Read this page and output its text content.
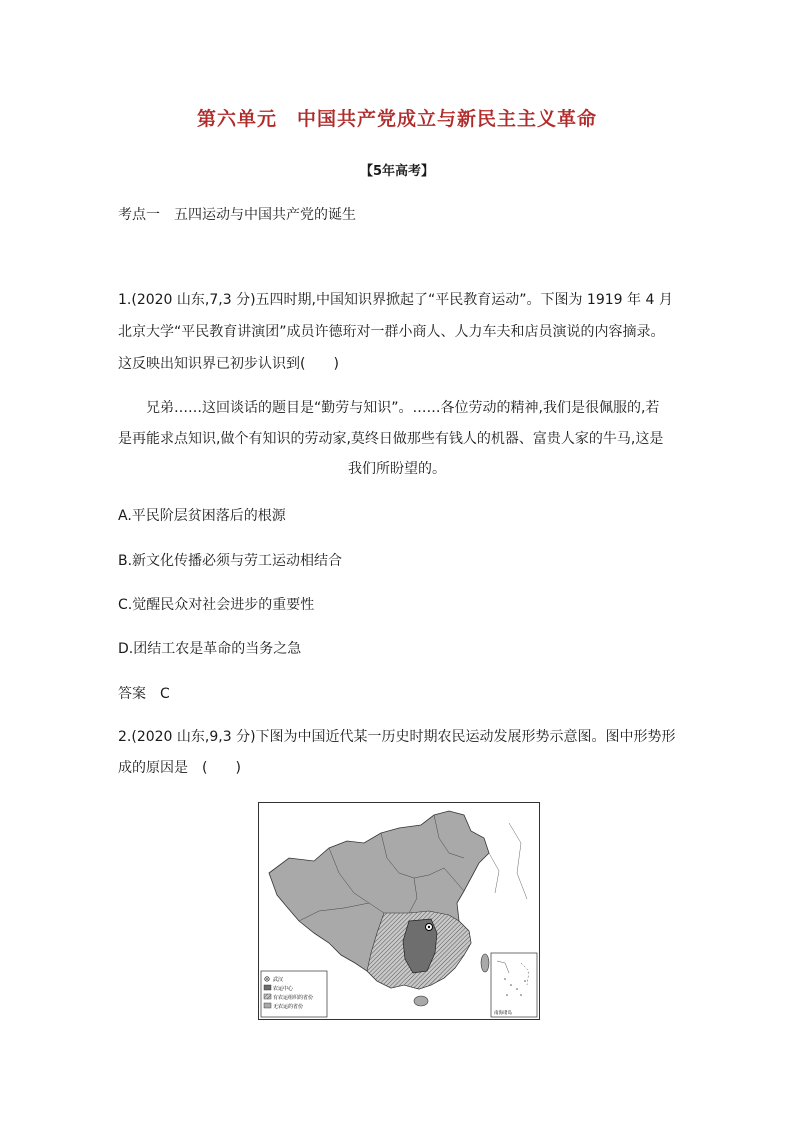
第六单元　中国共产党成立与新民主主义革命
【5年高考】
考点一　五四运动与中国共产党的诞生
1.(2020 山东,7,3 分)五四时期,中国知识界掀起了“平民教育运动”。下图为 1919 年 4 月
北京大学“平民教育讲演团”成员许德珩对一群小商人、人力车夫和店员演说的内容摘录。
这反映出知识界已初步认识到(　　)
兄弟……这回谈话的题目是“勤劳与知识”。……各位劳动的精神,我们是很佩服的,若
是再能求点知识,做个有知识的劳动家,莫终日做那些有钱人的机器、富贵人家的牛马,这是
我们所盼望的。
A.平民阶层贫困落后的根源
B.新文化传播必须与劳工运动相结合
C.觉醒民众对社会进步的重要性
D.团结工农是革命的当务之急
答案　C
2.(2020 山东,9,3 分)下图为中国近代某一历史时期农民运动发展形势示意图。图中形势形
成的原因是　(　　)
南海诸岛
武汉
农运中心
有农运组织的省份
无农运的省份
